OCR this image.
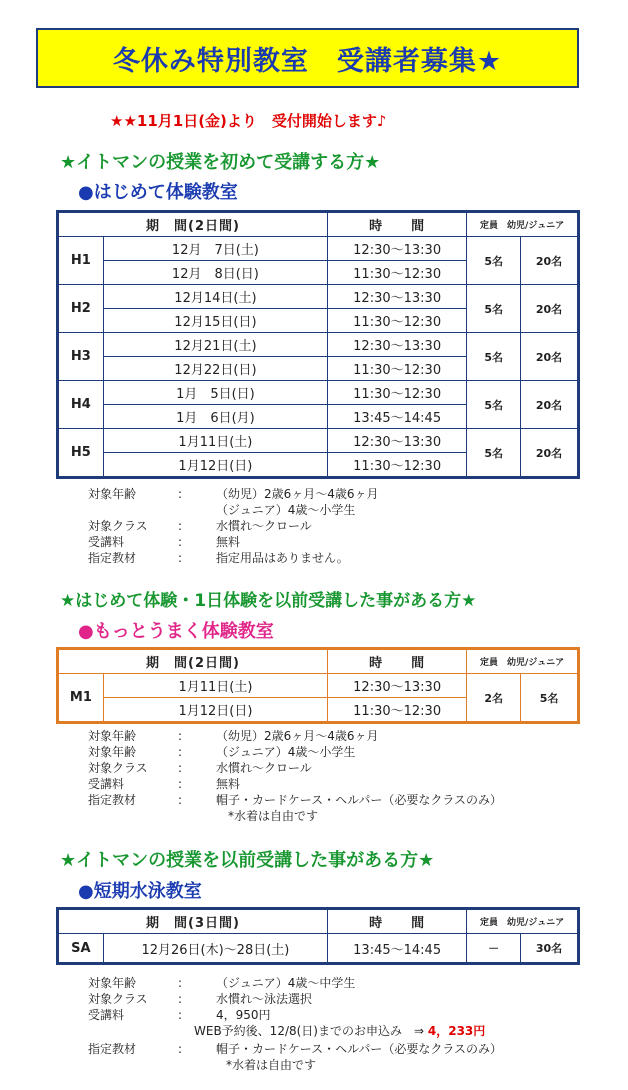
冬休み特別教室　受講者募集★
★★11月1日(金)より　受付開始します♪
★イトマンの授業を初めて受講する方★
●はじめて体験教室
期　間(2日間)		時　　間	定員　幼児/ジュニア	
H1	12月　7日(土)	12:30～13:30	5名	20名
	12月　8日(日)	11:30～12:30		
H2	12月14日(土)	12:30～13:30	5名	20名
	12月15日(日)	11:30～12:30		
H3	12月21日(土)	12:30～13:30	5名	20名
	12月22日(日)	11:30～12:30		
H4	1月　5日(日)	11:30～12:30	5名	20名
	1月　6日(月)	13:45～14:45		
H5	1月11日(土)	12:30～13:30	5名	20名
	1月12日(日)	11:30～12:30		
対象年齢	:	（幼児）2歳6ヶ月～4歳6ヶ月
（ジュニア）4歳～小学生
対象クラス	:	水慣れ～クロール
受講料	:	無料
指定教材	:	指定用品はありません。
★はじめて体験・1日体験を以前受講した事がある方★
●もっとうまく体験教室
期　間(2日間)		時　　間	定員　幼児/ジュニア	
M1	1月11日(土)	12:30～13:30	2名	5名
	1月12日(日)	11:30～12:30		
対象年齢	:	（幼児）2歳6ヶ月～4歳6ヶ月
対象年齢	:	（ジュニア）4歳～小学生
対象クラス	:	水慣れ～クロール
受講料	:	無料
指定教材	:	帽子・カードケース・ヘルパー（必要なクラスのみ）
　*水着は自由です
★イトマンの授業を以前受講した事がある方★
●短期水泳教室
期　間(3日間)		時　　間	定員　幼児/ジュニア	
SA	12月26日(木)～28日(土)	13:45～14:45	－	30名
対象年齢	:	（ジュニア）4歳～中学生
対象クラス	:	水慣れ～泳法選択
受講料	:	4，950円
WEB予約後、12/8(日)までのお申込み　⇒ 4，233円
指定教材	:	帽子・カードケース・ヘルパー（必要なクラスのみ）
*水着は自由です
